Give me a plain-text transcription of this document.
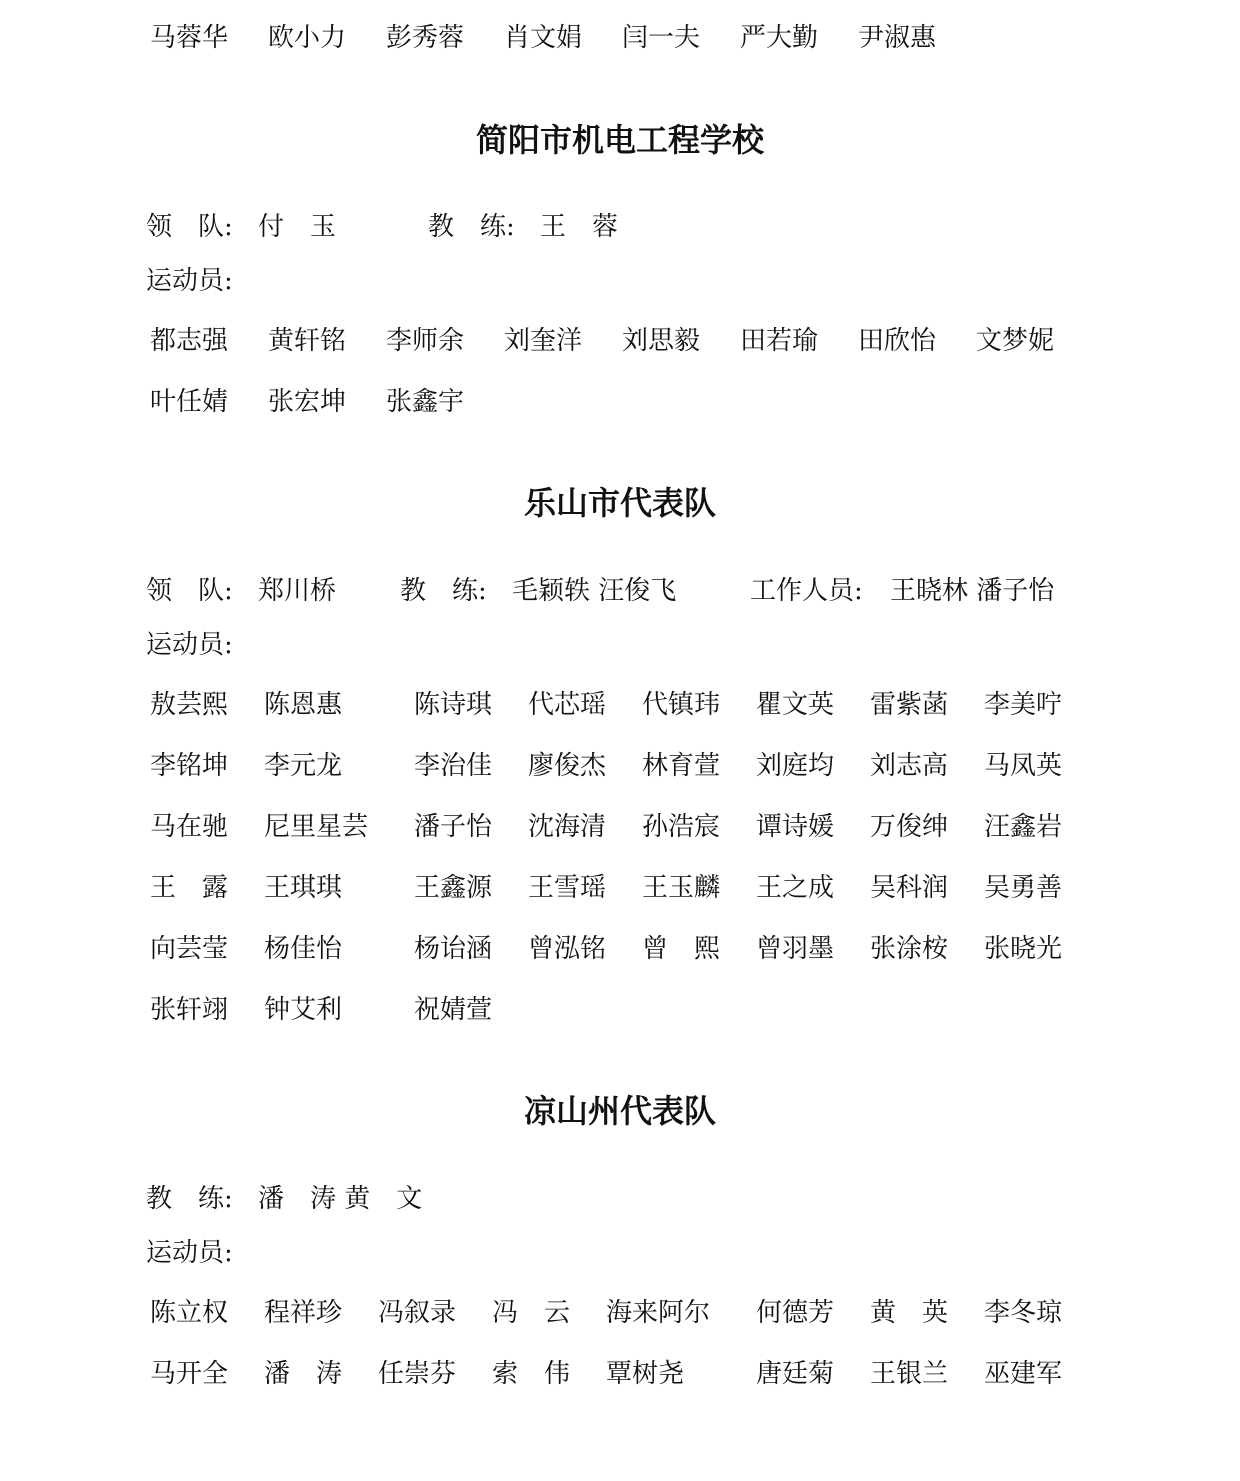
马蓉华 欧小力 彭秀蓉 肖文娟 闫一夫 严大勤 尹淑惠
简阳市机电工程学校
领　队: 付　玉	教　练: 王　蓉
运动员:
都志强 黄轩铭 李师余 刘奎洋 刘思毅 田若瑜 田欣怡 文梦妮
叶任婧 张宏坤 张鑫宇
乐山市代表队
领　队: 郑川桥 教　练: 毛颖轶 汪俊飞	工作人员: 王晓林 潘子怡
运动员:
敖芸熙 陈恩惠	陈诗琪 代芯瑶 代镇玮 瞿文英 雷紫菡 李美咛
李铭坤 李元龙	李治佳 廖俊杰 林育萱 刘庭均 刘志高 马凤英
马在驰 尼里星芸 潘子怡 沈海清 孙浩宸 谭诗媛 万俊绅 汪鑫岩
王　露 王琪琪	王鑫源 王雪瑶 王玉麟 王之成 吴科润 吴勇善
向芸莹 杨佳怡	杨诒涵 曾泓铭 曾　熙 曾羽墨 张涂桉 张晓光
张轩翊 钟艾利	祝婧萱
凉山州代表队
教　练: 潘　涛 黄　文
运动员:
陈立权 程祥珍 冯叙录 冯　云 海来阿尔 何德芳 黄　英 李冬琼
马开全 潘　涛 任崇芬 索　伟 覃树尧	唐廷菊 王银兰 巫建军
